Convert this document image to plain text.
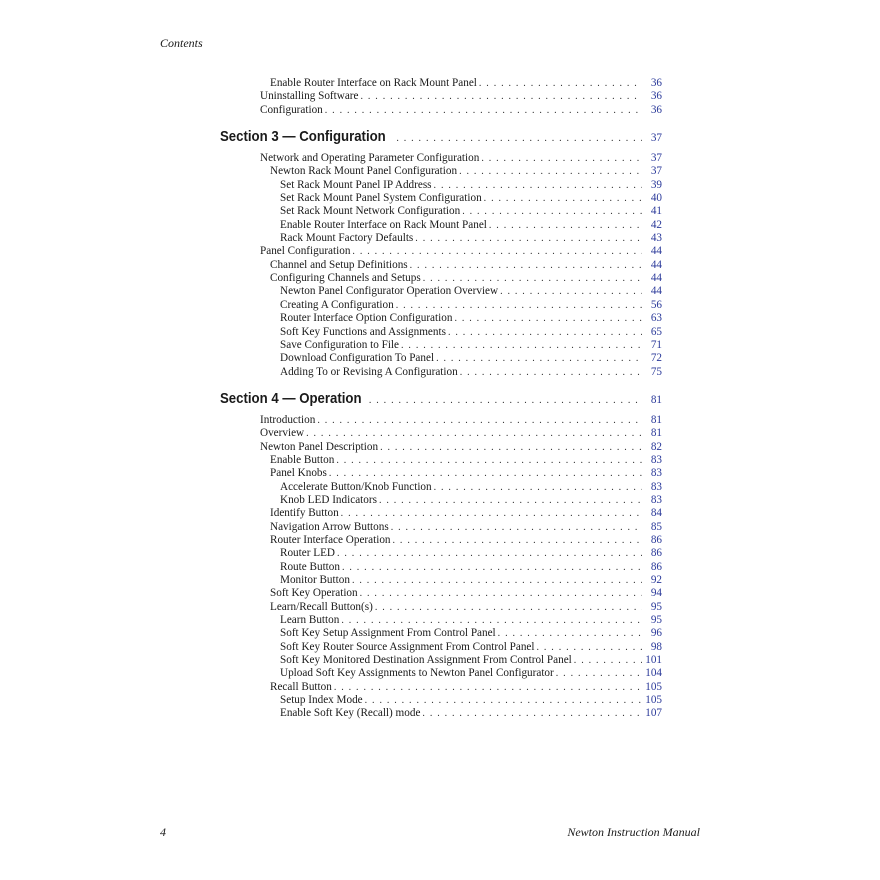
Contents
Enable Router Interface on Rack Mount Panel . . .	36
Uninstalling Software . . .	36
Configuration . . .	36
Section 3 — Configuration . . .	37
Network and Operating Parameter Configuration . . .	37
Newton Rack Mount Panel Configuration . . .	37
Set Rack Mount Panel IP Address . . .	39
Set Rack Mount Panel System Configuration . . .	40
Set Rack Mount Network Configuration . . .	41
Enable Router Interface on Rack Mount Panel . . .	42
Rack Mount Factory Defaults . . .	43
Panel Configuration . . .	44
Channel and Setup Definitions . . .	44
Configuring Channels and Setups . . .	44
Newton Panel Configurator Operation Overview . . .	44
Creating A Configuration . . .	56
Router Interface Option Configuration . . .	63
Soft Key Functions and Assignments . . .	65
Save Configuration to File . . .	71
Download Configuration To Panel . . .	72
Adding To or Revising A Configuration . . .	75
Section 4 — Operation . . .	81
Introduction . . .	81
Overview . . .	81
Newton Panel Description . . .	82
Enable Button . . .	83
Panel Knobs . . .	83
Accelerate Button/Knob Function . . .	83
Knob LED Indicators . . .	83
Identify Button . . .	84
Navigation Arrow Buttons . . .	85
Router Interface Operation . . .	86
Router LED . . .	86
Route Button . . .	86
Monitor Button . . .	92
Soft Key Operation . . .	94
Learn/Recall Button(s) . . .	95
Learn Button . . .	95
Soft Key Setup Assignment From Control Panel . . .	96
Soft Key Router Source Assignment From Control Panel . . .	98
Soft Key Monitored Destination Assignment From Control Panel . . .	101
Upload Soft Key Assignments to Newton Panel Configurator . . .	104
Recall Button . . .	105
Setup Index Mode . . .	105
Enable Soft Key (Recall) mode . . .	107
4	Newton Instruction Manual
